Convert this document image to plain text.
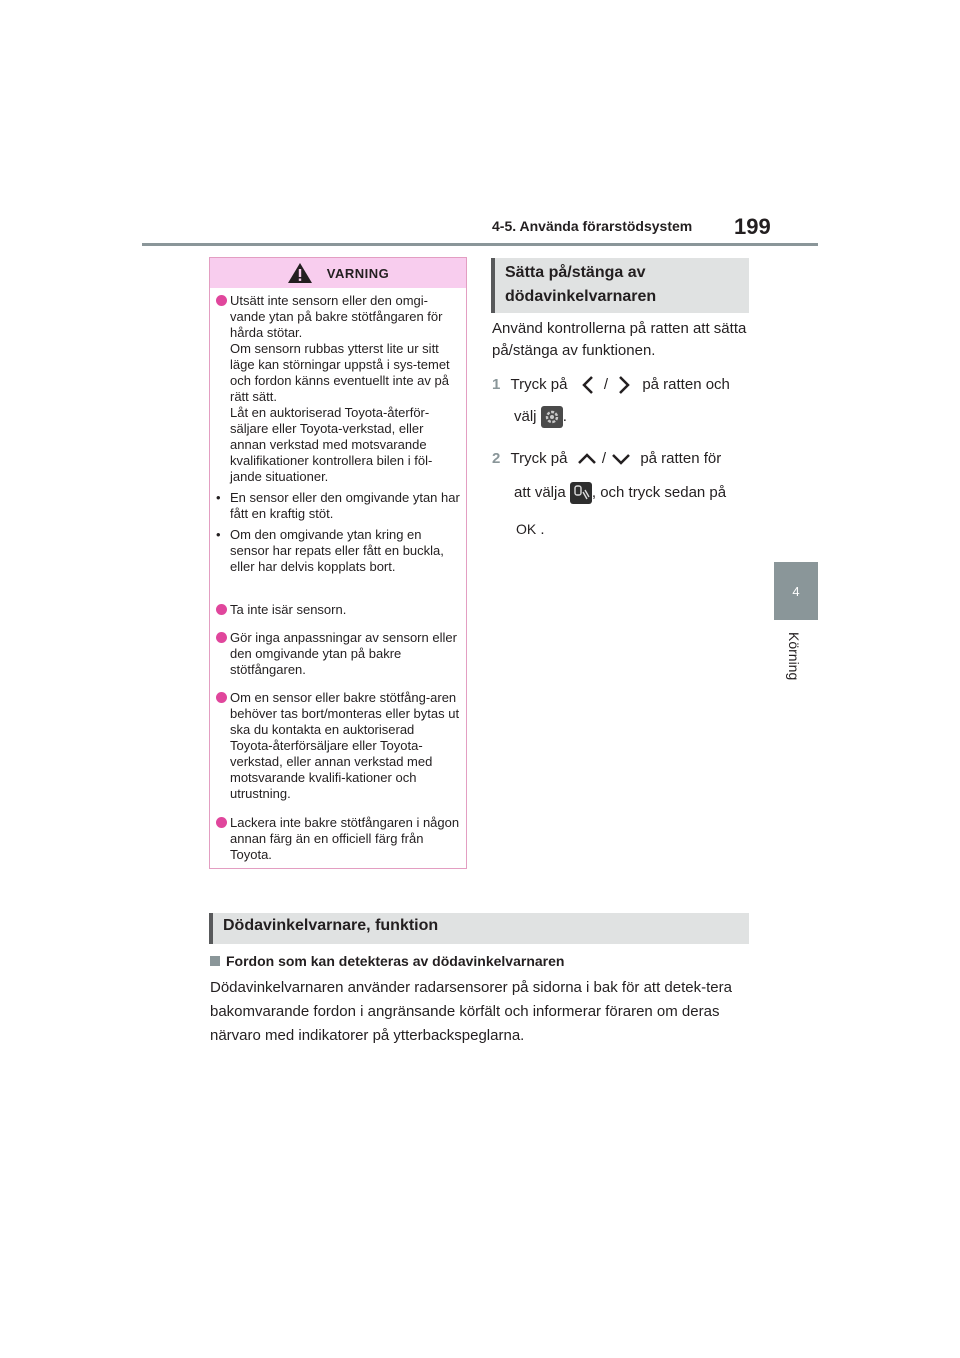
4-5. Använda förarstödsystem 199
4
Körning
VARNING
Utsätt inte sensorn eller den omgi-vande ytan på bakre stötfångaren för hårda stötar.
Om sensorn rubbas ytterst lite ur sitt läge kan störningar uppstå i sys-temet och fordon känns eventuellt inte av på rätt sätt.
Låt en auktoriserad Toyota-återför-säljare eller Toyota-verkstad, eller annan verkstad med motsvarande kvalifikationer kontrollera bilen i föl-jande situationer.
• En sensor eller den omgivande ytan har fått en kraftig stöt.
• Om den omgivande ytan kring en sensor har repats eller fått en buckla, eller har delvis kopplats bort.
Ta inte isär sensorn.
Gör inga anpassningar av sensorn eller den omgivande ytan på bakre stötfångaren.
Om en sensor eller bakre stötfång-aren behöver tas bort/monteras eller bytas ut ska du kontakta en auktoriserad Toyota-återförsäljare eller Toyota-verkstad, eller annan verkstad med motsvarande kvalifi-kationer och utrustning.
Lackera inte bakre stötfångaren i någon annan färg än en officiell färg från Toyota.
Sätta på/stänga av dödavinkelvarnaren
Använd kontrollerna på ratten att sätta på/stänga av funktionen.
1 Tryck på / på ratten och
välj .
2 Tryck på / på ratten för
att välja , och tryck sedan på
OK .
Dödavinkelvarnare, funktion
Fordon som kan detekteras av dödavinkelvarnaren
Dödavinkelvarnaren använder radarsensorer på sidorna i bak för att detek-tera bakomvarande fordon i angränsande körfält och informerar föraren om deras närvaro med indikatorer på ytterbackspeglarna.
